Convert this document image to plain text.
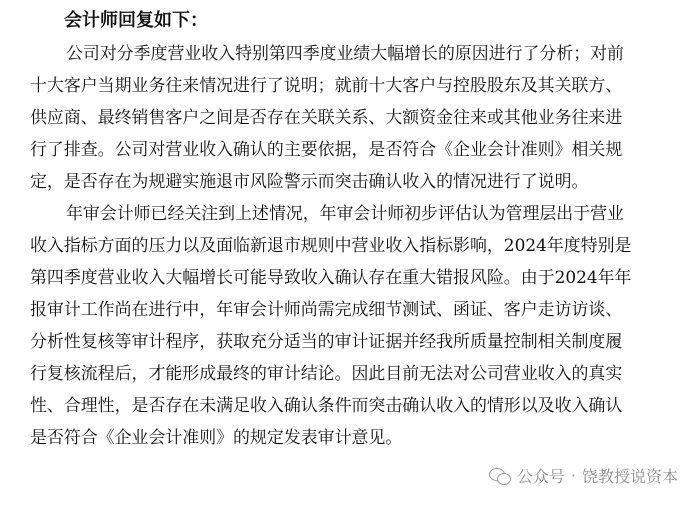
会计师回复如下：
公司对分季度营业收入特别第四季度业绩大幅增长的原因进行了分析；对前
十大客户当期业务往来情况进行了说明；就前十大客户与控股股东及其关联方、
供应商、最终销售客户之间是否存在关联关系、大额资金往来或其他业务往来进
行了排查。公司对营业收入确认的主要依据，是否符合《企业会计准则》相关规
定，是否存在为规避实施退市风险警示而突击确认收入的情况进行了说明。
年审会计师已经关注到上述情况，年审会计师初步评估认为管理层出于营业
收入指标方面的压力以及面临新退市规则中营业收入指标影响，2024年度特别是
第四季度营业收入大幅增长可能导致收入确认存在重大错报风险。由于2024年年
报审计工作尚在进行中，年审会计师尚需完成细节测试、函证、客户走访访谈、
分析性复核等审计程序，获取充分适当的审计证据并经我所质量控制相关制度履
行复核流程后，才能形成最终的审计结论。因此目前无法对公司营业收入的真实
性、合理性，是否存在未满足收入确认条件而突击确认收入的情形以及收入确认
是否符合《企业会计准则》的规定发表审计意见。
公众号 · 饶教授说资本
